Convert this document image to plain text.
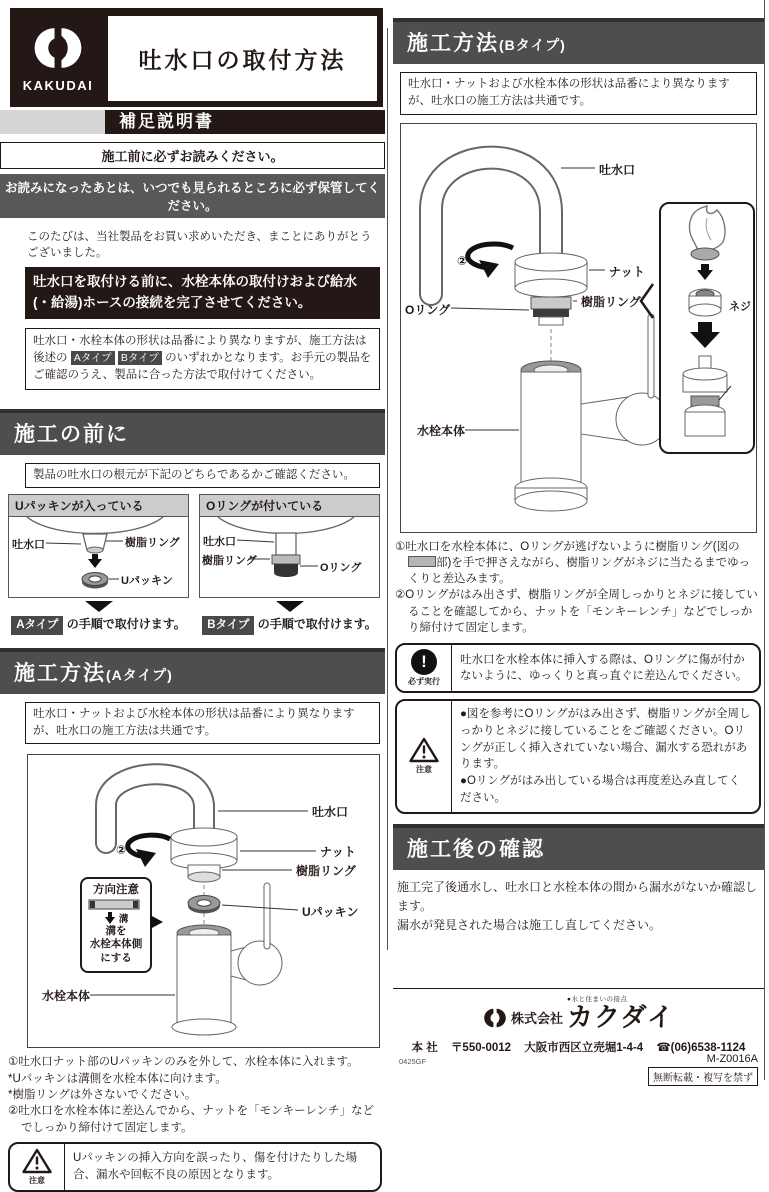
KAKUDAI
吐水口の取付方法
補足説明書
施工前に必ずお読みください。
お読みになったあとは、いつでも見られるところに必ず保管してください。
このたびは、当社製品をお買い求めいただき、まことにありがとうございました。
吐水口を取付ける前に、水栓本体の取付けおよび給水(・給湯)ホースの接続を完了させてください。
吐水口・水栓本体の形状は品番により異なりますが、施工方法は後述の Aタイプ Bタイプ のいずれかとなります。お手元の製品をご確認のうえ、製品に合った方法で取付けてください。
施工の前に
製品の吐水口の根元が下記のどちらであるかご確認ください。
Uパッキンが入っている
吐水口	樹脂リング
Uパッキン
Aタイプ の手順で取付けます。
Oリングが付いている
吐水口
樹脂リング
Oリング
Bタイプ の手順で取付けます。
施工方法(Aタイプ)
吐水口・ナットおよび水栓本体の形状は品番により異なりますが、吐水口の施工方法は共通です。
吐水口
ナット
樹脂リング
Uパッキン
水栓本体
②
方向注意
溝
溝を
水栓本体側
にする
①吐水口ナット部のUパッキンのみを外して、水栓本体に入れます。
*Uパッキンは溝側を水栓本体に向けます。
*樹脂リングは外さないでください。
②吐水口を水栓本体に差込んでから、ナットを「モンキーレンチ」などでしっかり締付けて固定します。
注意
Uパッキンの挿入方向を誤ったり、傷を付けたりした場合、漏水や回転不良の原因となります。
施工方法(Bタイプ)
吐水口・ナットおよび水栓本体の形状は品番により異なりますが、吐水口の施工方法は共通です。
吐水口
②
ナット
樹脂リング
Oリング
水栓本体
ネジ
①吐水口を水栓本体に、Oリングが逃げないように樹脂リング(図の部)を手で押さえながら、樹脂リングがネジに当たるまでゆっくりと差込みます。
②Oリングがはみ出さず、樹脂リングが全周しっかりとネジに接していることを確認してから、ナットを「モンキーレンチ」などでしっかり締付けて固定します。
!
必ず実行
吐水口を水栓本体に挿入する際は、Oリングに傷が付かないように、ゆっくりと真っ直ぐに差込んでください。
注意
●図を参考にOリングがはみ出さず、樹脂リングが全周しっかりとネジに接していることをご確認ください。Oリングが正しく挿入されていない場合、漏水する恐れがあります。
●Oリングがはみ出している場合は再度差込み直してください。
施工後の確認
施工完了後通水し、吐水口と水栓本体の間から漏水がないか確認します。
漏水が発見された場合は施工し直してください。
株式会社
●水と住まいの接点
カクダイ
本 社 〒550-0012 大阪市西区立売堀1-4-4 ☎(06)6538-1124
0425GF	M-Z0016A
無断転載・複写を禁ず
